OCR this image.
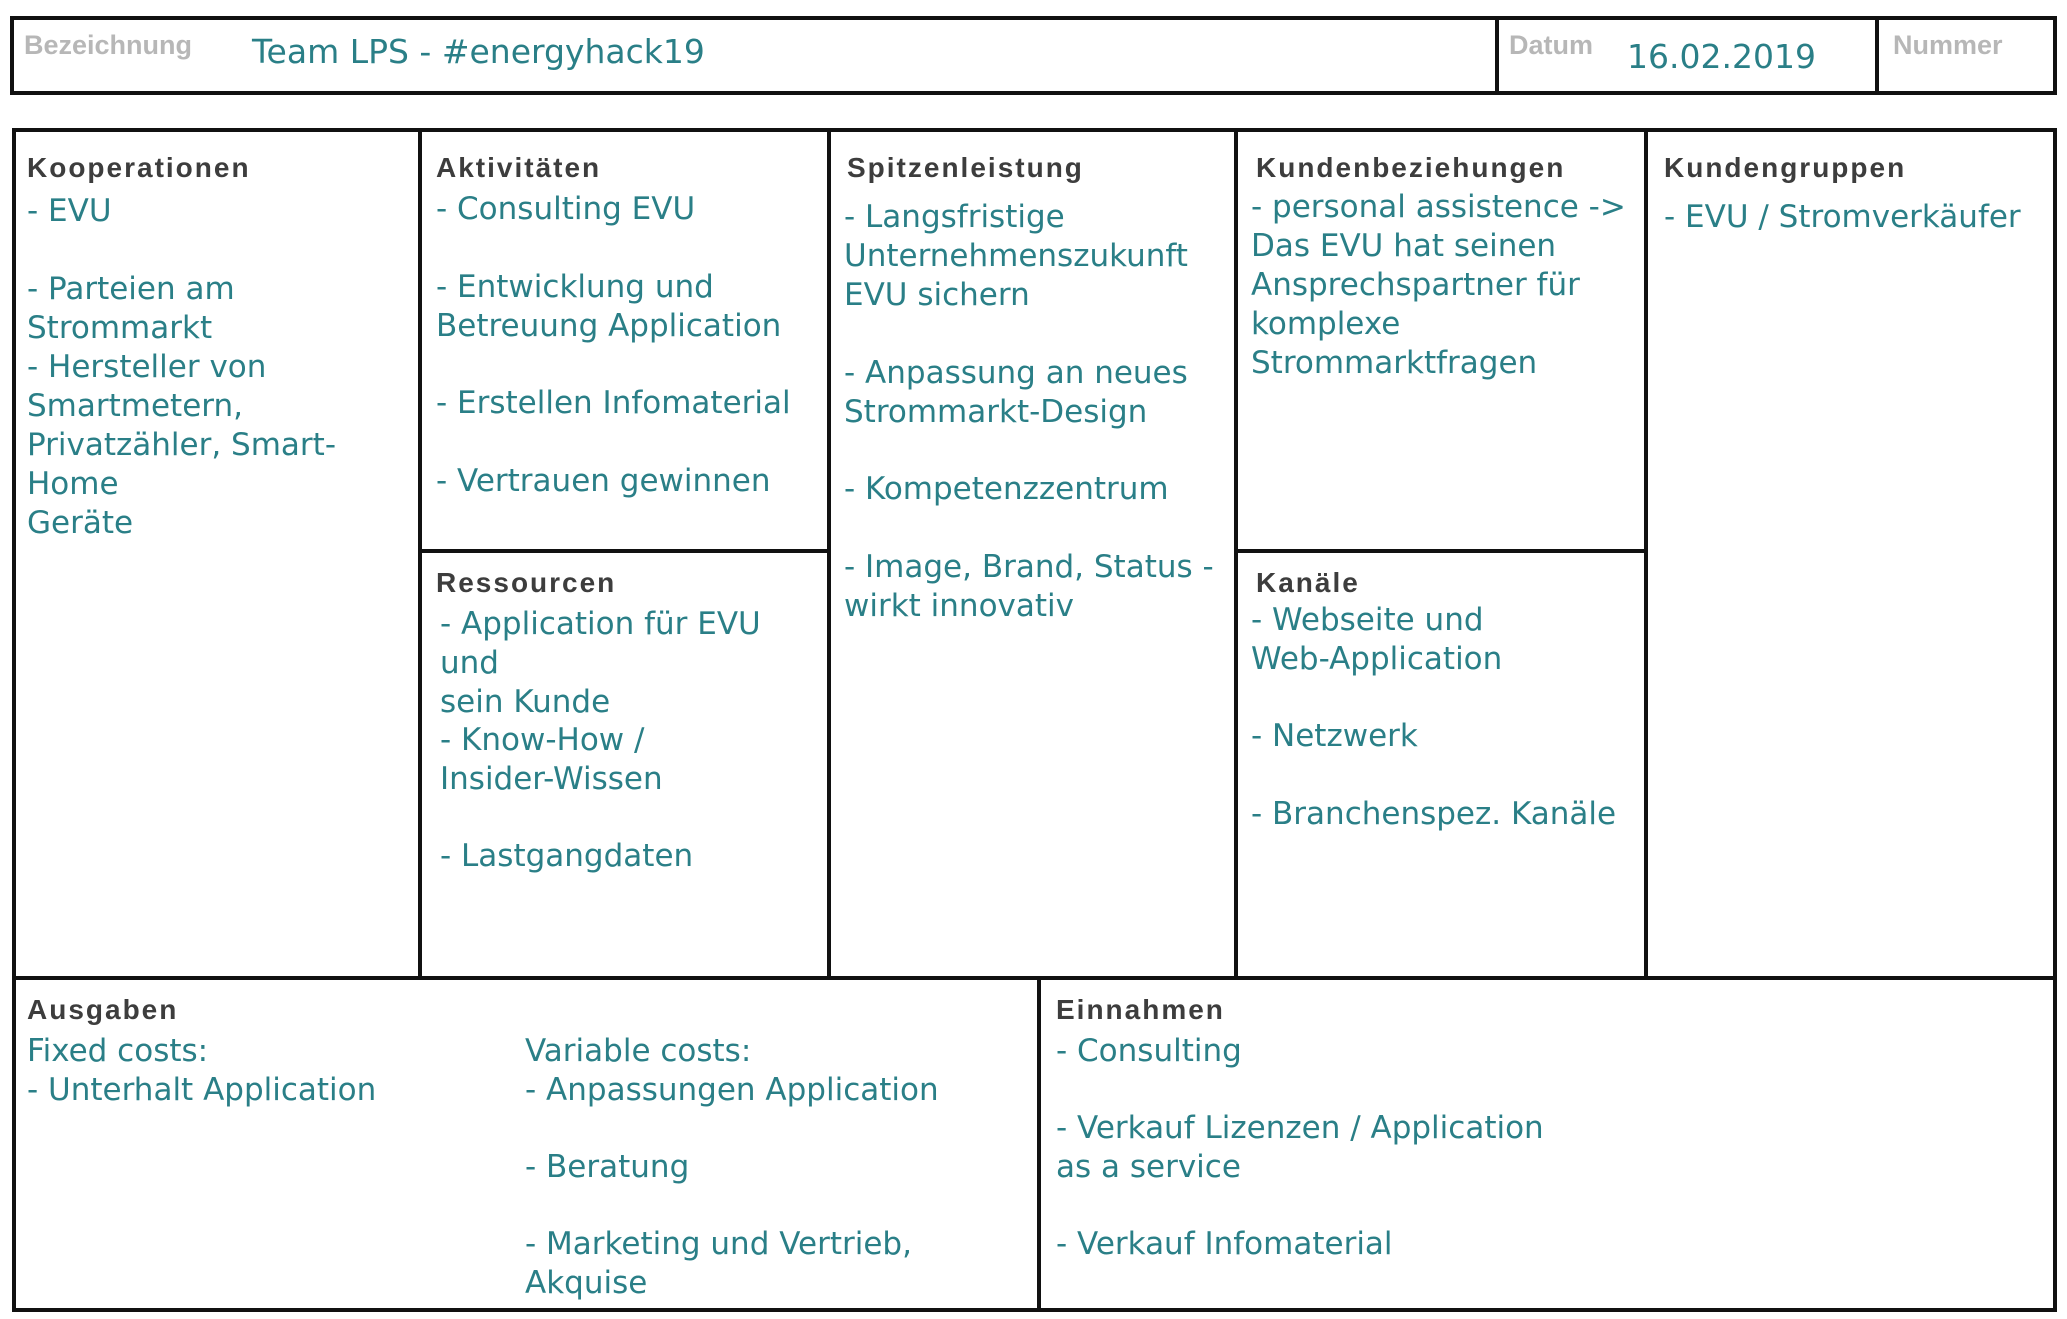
Bezeichnung Team LPS - #energyhack19	Datum 16.02.2019	Nummer
Kooperationen
- EVU
- Parteien am Strommarkt
- Hersteller von
Smartmetern,
Privatzähler, Smart-Home
Geräte
Aktivitäten
- Consulting EVU
- Entwicklung und
Betreuung Application
- Erstellen Infomaterial
- Vertrauen gewinnen
Ressourcen
- Application für EVU und
sein Kunde
- Know-How /
Insider-Wissen
- Lastgangdaten
Spitzenleistung
- Langsfristige
Unternehmenszukunft
EVU sichern
- Anpassung an neues
Strommarkt-Design
- Kompetenzzentrum
- Image, Brand, Status -
wirkt innovativ
Kundenbeziehungen
- personal assistence ->
Das EVU hat seinen
Ansprechspartner für
komplexe
Strommarktfragen
Kanäle
- Webseite und
Web-Application
- Netzwerk
- Branchenspez. Kanäle
Kundengruppen
- EVU / Stromverkäufer
Ausgaben
Fixed costs:
- Unterhalt Application
Variable costs:
- Anpassungen Application
- Beratung
- Marketing und Vertrieb,
Akquise
Einnahmen
- Consulting
- Verkauf Lizenzen / Application
as a service
- Verkauf Infomaterial
